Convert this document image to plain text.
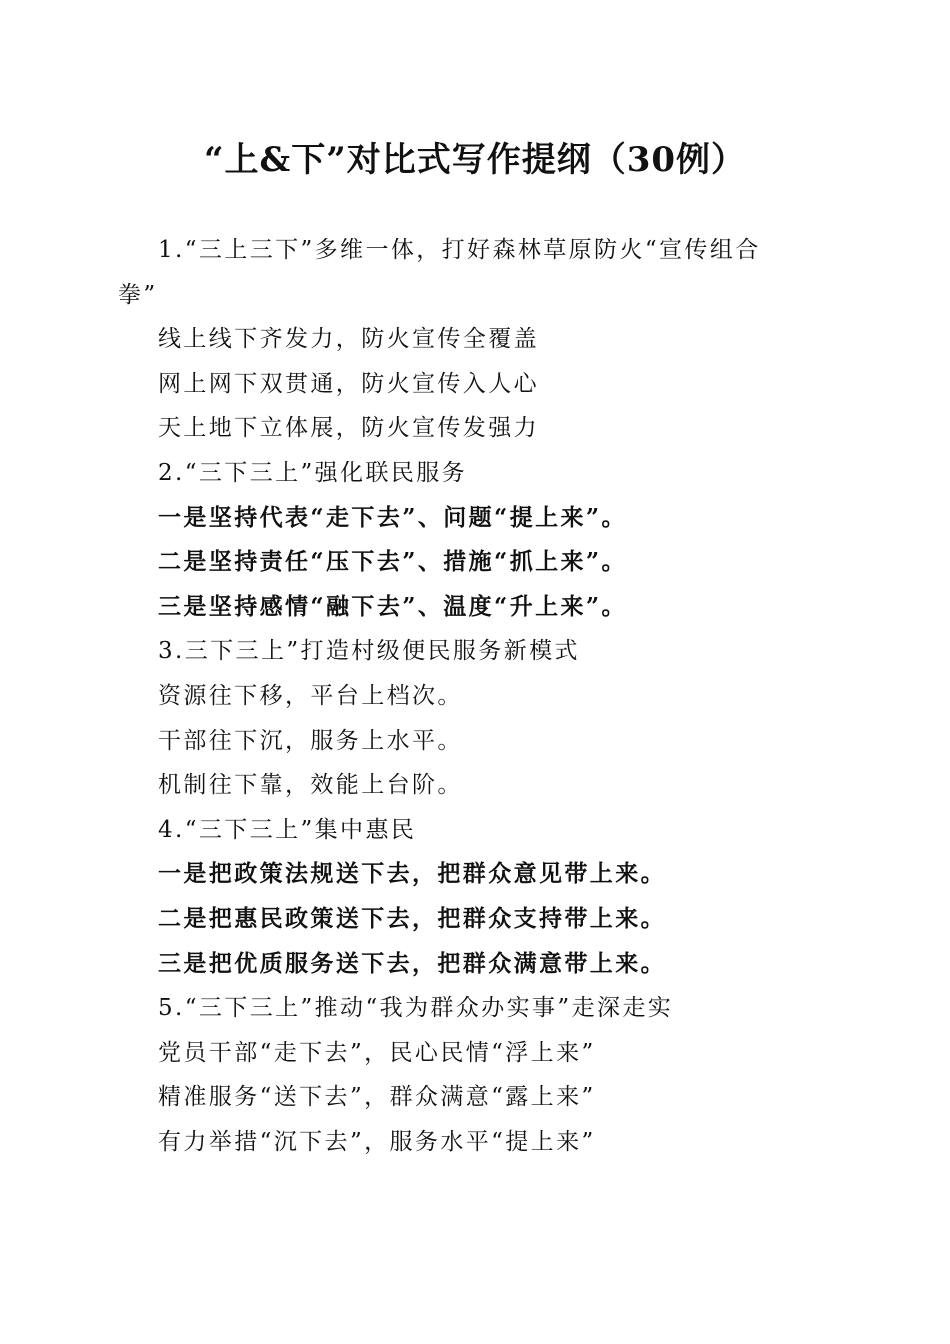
“上&下”对比式写作提纲（30例）
1.“三上三下”多维一体，打好森林草原防火“宣传组合
拳”
线上线下齐发力，防火宣传全覆盖
网上网下双贯通，防火宣传入人心
天上地下立体展，防火宣传发强力
2.“三下三上”强化联民服务
一是坚持代表“走下去”、问题“提上来”。
二是坚持责任“压下去”、措施“抓上来”。
三是坚持感情“融下去”、温度“升上来”。
3.三下三上”打造村级便民服务新模式
资源往下移，平台上档次。
干部往下沉，服务上水平。
机制往下靠，效能上台阶。
4.“三下三上”集中惠民
一是把政策法规送下去，把群众意见带上来。
二是把惠民政策送下去，把群众支持带上来。
三是把优质服务送下去，把群众满意带上来。
5.“三下三上”推动“我为群众办实事”走深走实
党员干部“走下去”，民心民情“浮上来”
精准服务“送下去”，群众满意“露上来”
有力举措“沉下去”，服务水平“提上来”
